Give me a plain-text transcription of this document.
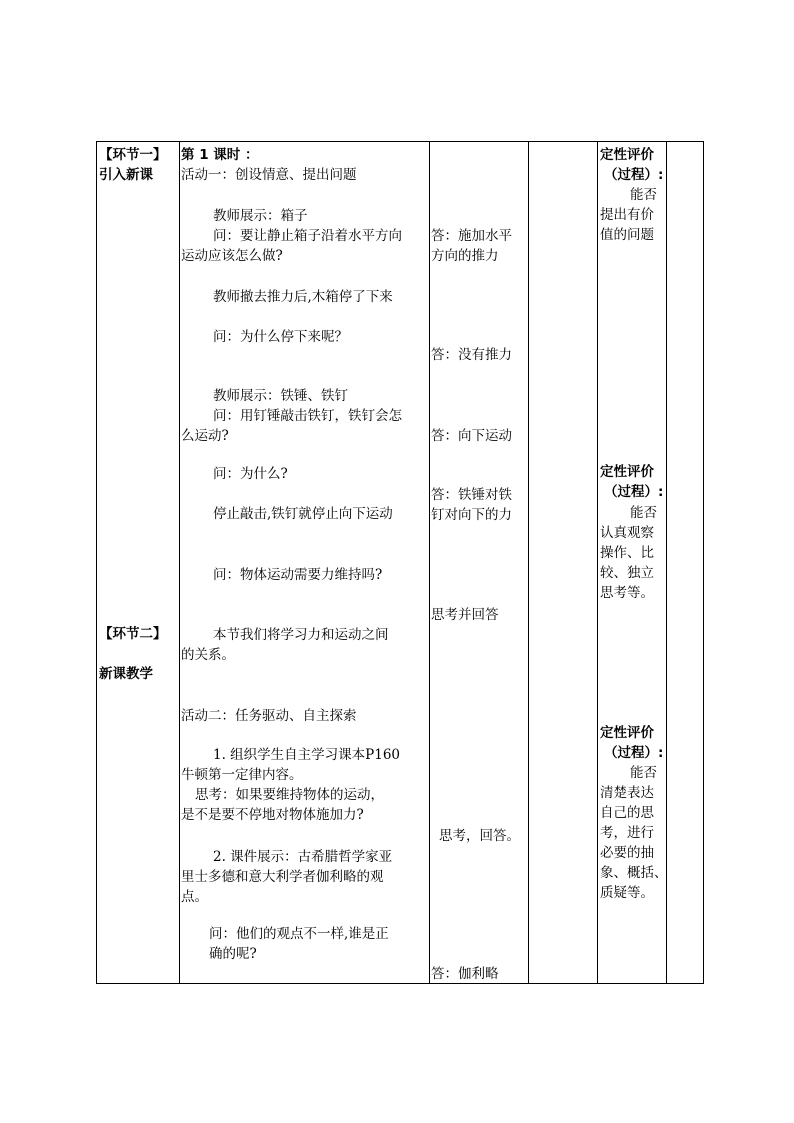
【环节一】
引入新课
【环节二】
新课教学
第 1 课时 ：
活动一：创设情意、提出问题
教师展示：箱子
问：要让静止箱子沿着水平方向
运动应该怎么做?
教师撤去推力后,木箱停了下来
问：为什么停下来呢？
教师展示：铁锤、铁钉
问：用钉锤敲击铁钉，铁钉会怎
么运动?
问：为什么?
停止敲击,铁钉就停止向下运动
问：物体运动需要力维持吗?
本节我们将学习力和运动之间
的关系。
活动二：任务驱动、自主探索
1. 组织学生自主学习课本P160
牛顿第一定律内容。
思考：如果要维持物体的运动，
是不是要不停地对物体施加力?
2. 课件展示：古希腊哲学家亚
里士多德和意大利学者伽利略的观
点。
问：他们的观点不一样,谁是正
确的呢?
答：施加水平
方向的推力
答：没有推力
答：向下运动
答：铁锤对铁
钉对向下的力
思考并回答
思考，回答。
答：伽利略
定性评价
（过程）:
能否
提出有价
值的问题
定性评价
（过程）:
能否
认真观察
操作、比
较、独立
思考等。
定性评价
（过程）:
能否
清楚表达
自己的思
考，进行
必要的抽
象、概括、
质疑等。
